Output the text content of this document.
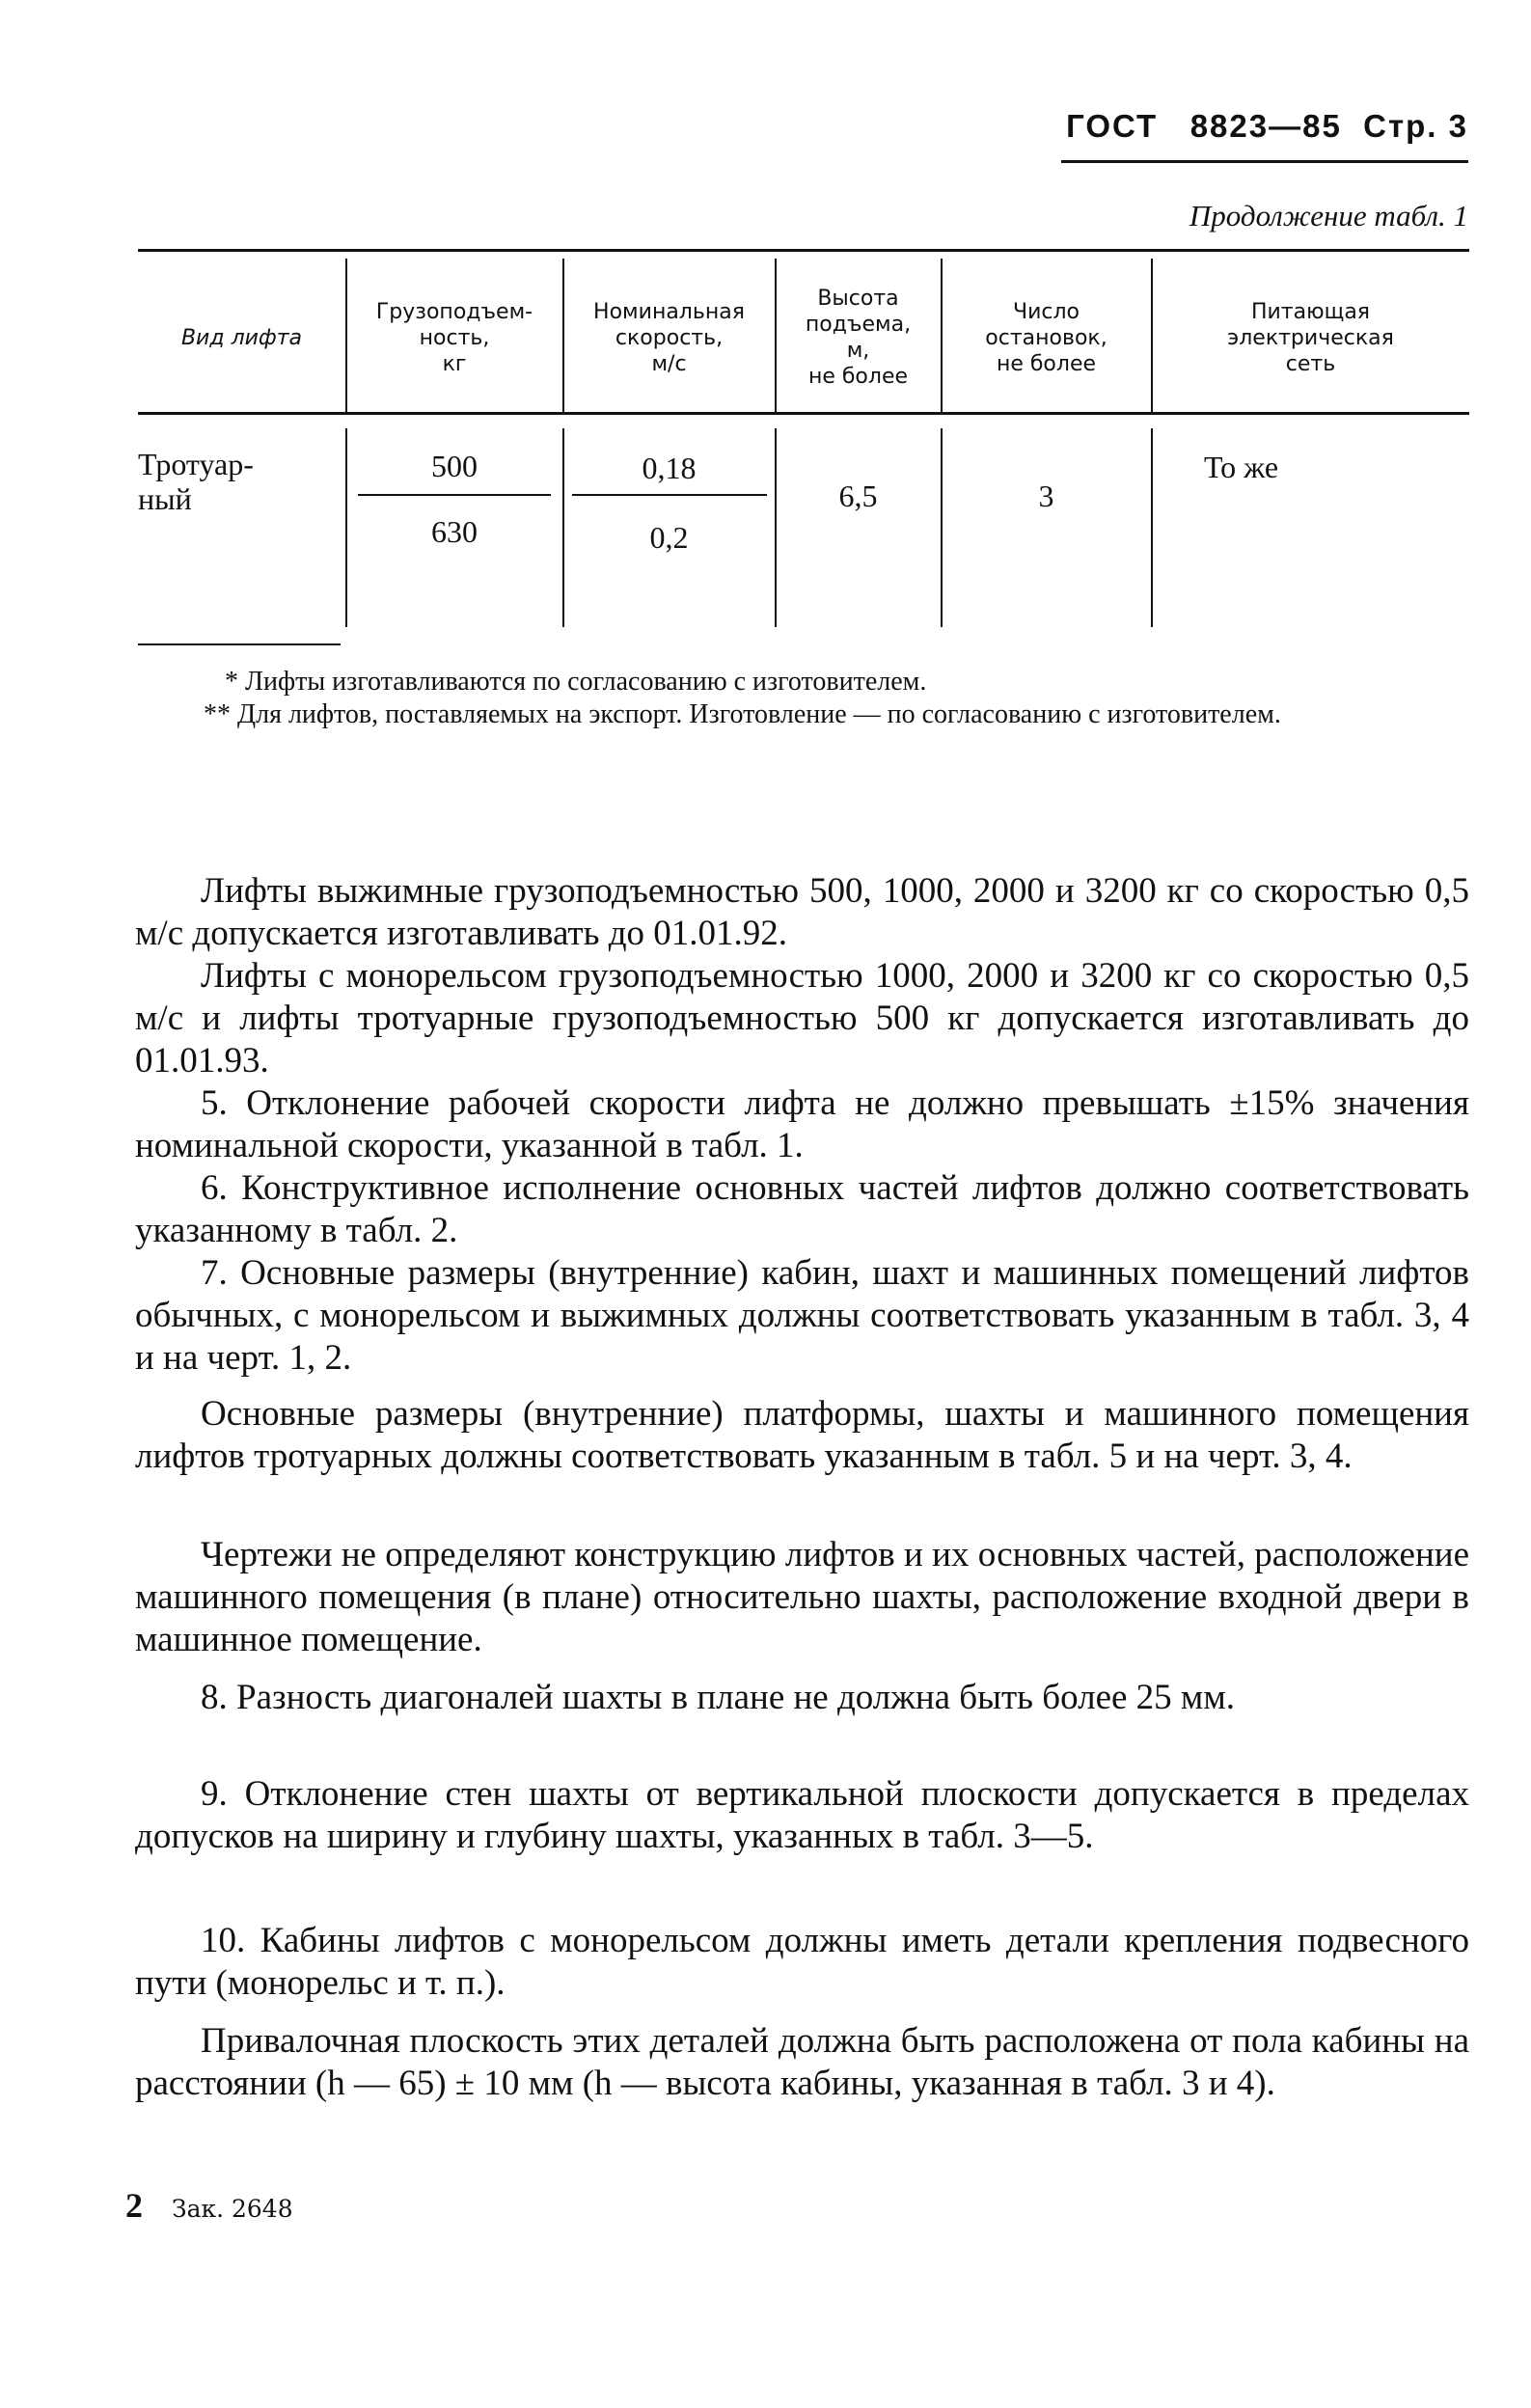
ГОСТ 8823—85 Стр. 3
Продолжение табл. 1
Вид лифта
Грузоподъем-
ность,
кг
Номинальная
скорость,
м/с
Высота
подъема,
м,
не более
Число
остановок,
не более
Питающая
электрическая
сеть
Тротуар-
ный
500
630
0,18
0,2
6,5	3
То же
* Лифты изготавливаются по согласованию с изготовителем.
** Для лифтов, поставляемых на экспорт. Изготовление — по согласованию с изготовителем.
Лифты выжимные грузоподъемностью 500, 1000, 2000 и 3200 кг со скоростью 0,5 м/с допускается изготавливать до 01.01.92.
Лифты с монорельсом грузоподъемностью 1000, 2000 и 3200 кг со скоростью 0,5 м/с и лифты тротуарные грузоподъемностью 500 кг допускается изготавливать до 01.01.93.
5. Отклонение рабочей скорости лифта не должно превышать ±15% значения номинальной скорости, указанной в табл. 1.
6. Конструктивное исполнение основных частей лифтов должно соответствовать указанному в табл. 2.
7. Основные размеры (внутренние) кабин, шахт и машинных помещений лифтов обычных, с монорельсом и выжимных должны соответствовать указанным в табл. 3, 4 и на черт. 1, 2.
Основные размеры (внутренние) платформы, шахты и машинного помещения лифтов тротуарных должны соответствовать указанным в табл. 5 и на черт. 3, 4.
Чертежи не определяют конструкцию лифтов и их основных частей, расположение машинного помещения (в плане) относительно шахты, расположение входной двери в машинное помещение.
8. Разность диагоналей шахты в плане не должна быть более 25 мм.
9. Отклонение стен шахты от вертикальной плоскости допускается в пределах допусков на ширину и глубину шахты, указанных в табл. 3—5.
10. Кабины лифтов с монорельсом должны иметь детали крепления подвесного пути (монорельс и т. п.).
Привалочная плоскость этих деталей должна быть расположена от пола кабины на расстоянии (h — 65) ± 10 мм (h — высота кабины, указанная в табл. 3 и 4).
2 Зак. 2648
